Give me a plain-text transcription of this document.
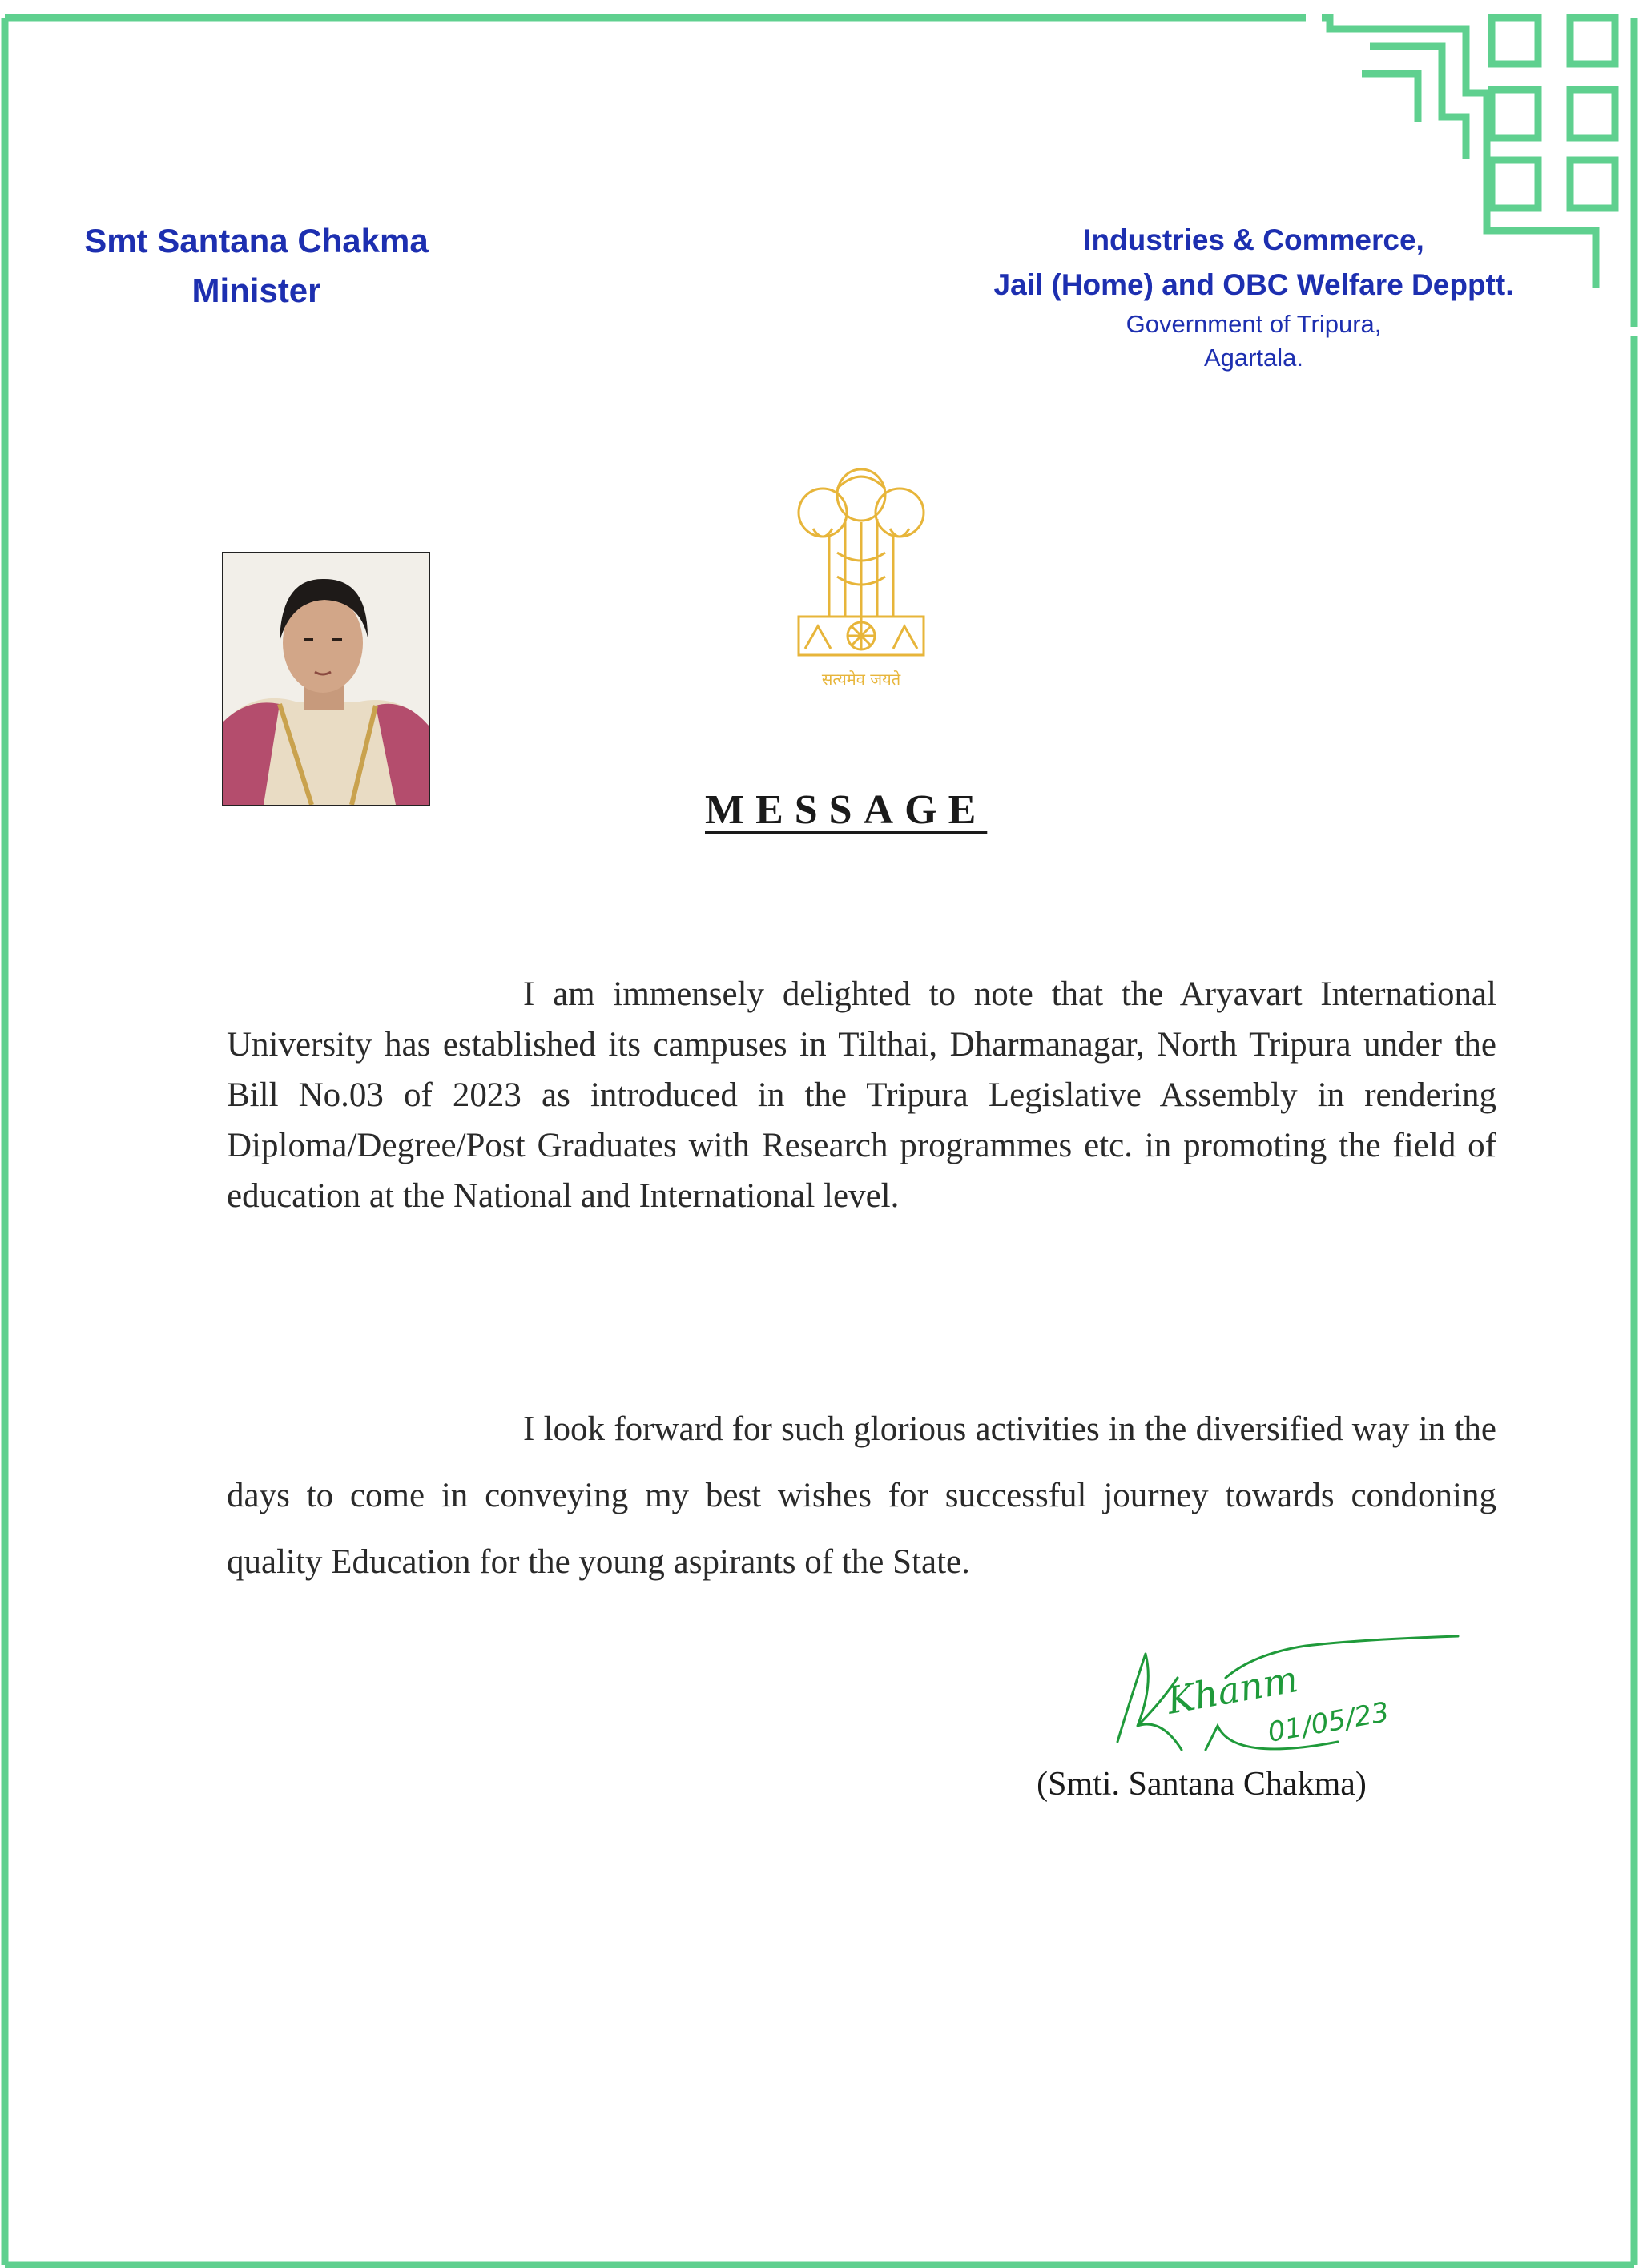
Smt Santana Chakma
Minister
Industries & Commerce,
Jail (Home) and OBC Welfare Depptt.
Government of Tripura,
Agartala.
सत्यमेव जयते
MESSAGE

I am immensely delighted to note that the Aryavart International University has established its campuses in Tilthai, Dharmanagar, North Tripura under the Bill No.03 of 2023 as introduced in the Tripura Legislative Assembly in rendering Diploma/Degree/Post Graduates with Research programmes etc. in promoting the field of education at the National and International level.

I look forward for such glorious activities in the diversified way in the days to come in conveying my best wishes for successful journey towards condoning quality Education for the young aspirants of the State.

Khanm
01/05/23
(Smti. Santana Chakma)
